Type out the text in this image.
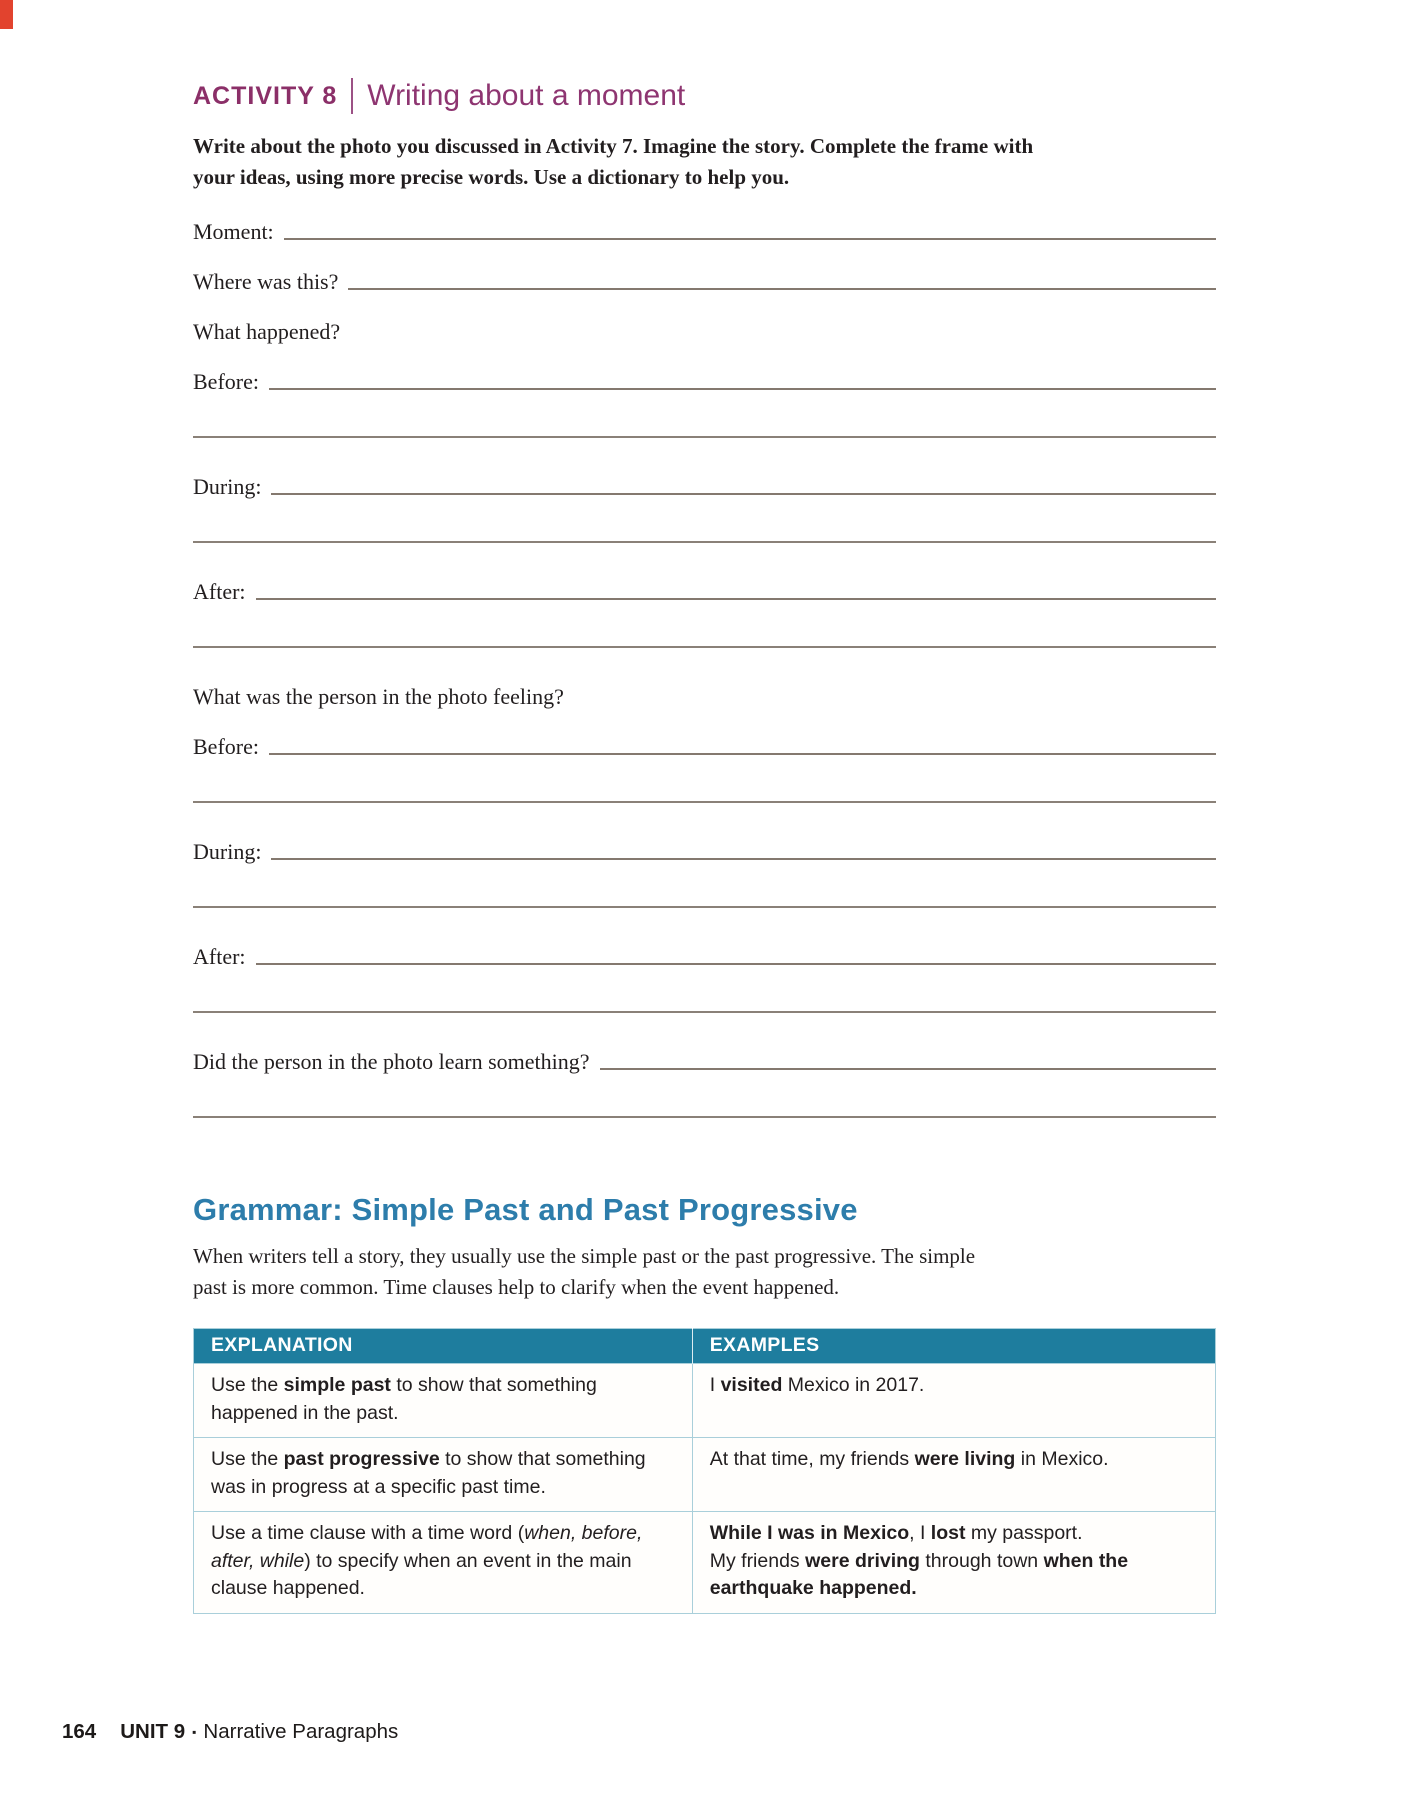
ACTIVITY 8 Writing about a moment

Write about the photo you discussed in Activity 7. Imagine the story. Complete the frame with
your ideas, using more precise words. Use a dictionary to help you.

Moment:
Where was this?
What happened?
Before:
During:
After:
What was the person in the photo feeling?
Before:
During:
After:
Did the person in the photo learn something?
Grammar: Simple Past and Past Progressive

When writers tell a story, they usually use the simple past or the past progressive. The simple
past is more common. Time clauses help to clarify when the event happened.

EXPLANATION	EXAMPLES
Use the simple past to show that something
happened in the past.	I visited Mexico in 2017.
Use the past progressive to show that something
was in progress at a specific past time.	At that time, my friends were living in Mexico.
Use a time clause with a time word (when, before,
after, while) to specify when an event in the main
clause happened.	While I was in Mexico, I lost my passport.
My friends were driving through town when the
earthquake happened.
164 UNIT 9 ▪ Narrative Paragraphs
